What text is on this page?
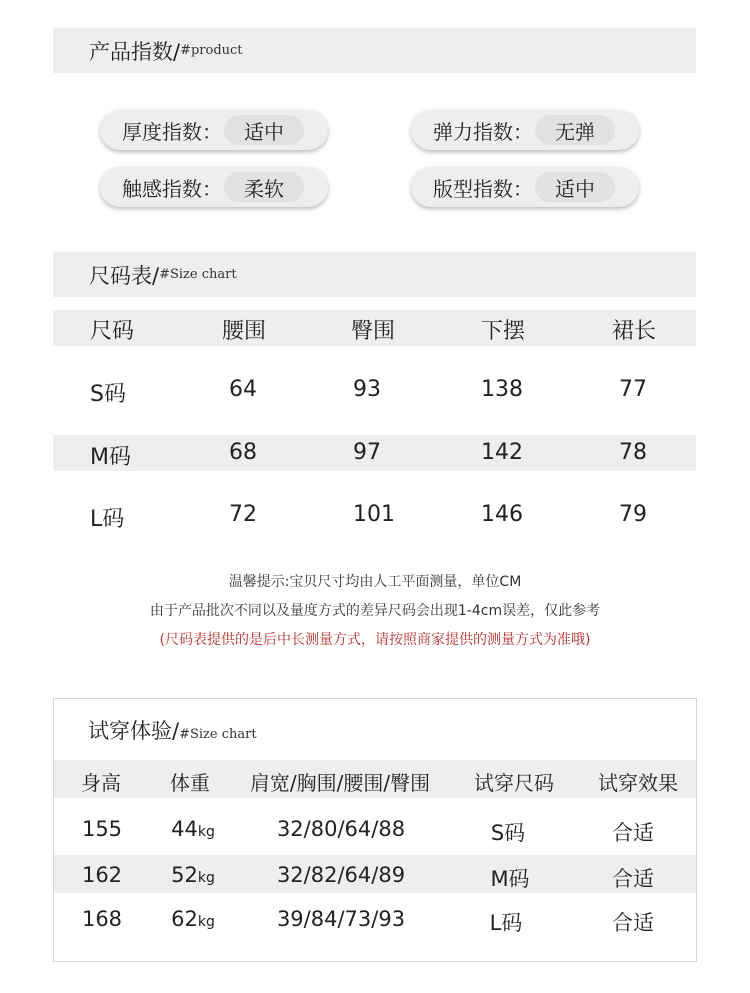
产品指数/ #product
厚度指数：	适中	弹力指数：	无弹
触感指数：	柔软	版型指数：	适中
尺码表/ #Size chart
尺码	腰围	臀围	下摆	裙长
S码	64	93	138	77
M码	68	97	142	78
L码	72	101	146	79
温馨提示:宝贝尺寸均由人工平面测量，单位CM
由于产品批次不同以及量度方式的差异尺码会出现1-4cm误差，仅此参考
(尺码表提供的是后中长测量方式，请按照商家提供的测量方式为准哦)
试穿体验/ #Size chart
身高 体重 肩宽/胸围/腰围/臀围 试穿尺码 试穿效果
155 44kg	32/80/64/88	S码	合适
162 52kg	32/82/64/89	M码	合适
168 62kg	39/84/73/93	L码	合适
